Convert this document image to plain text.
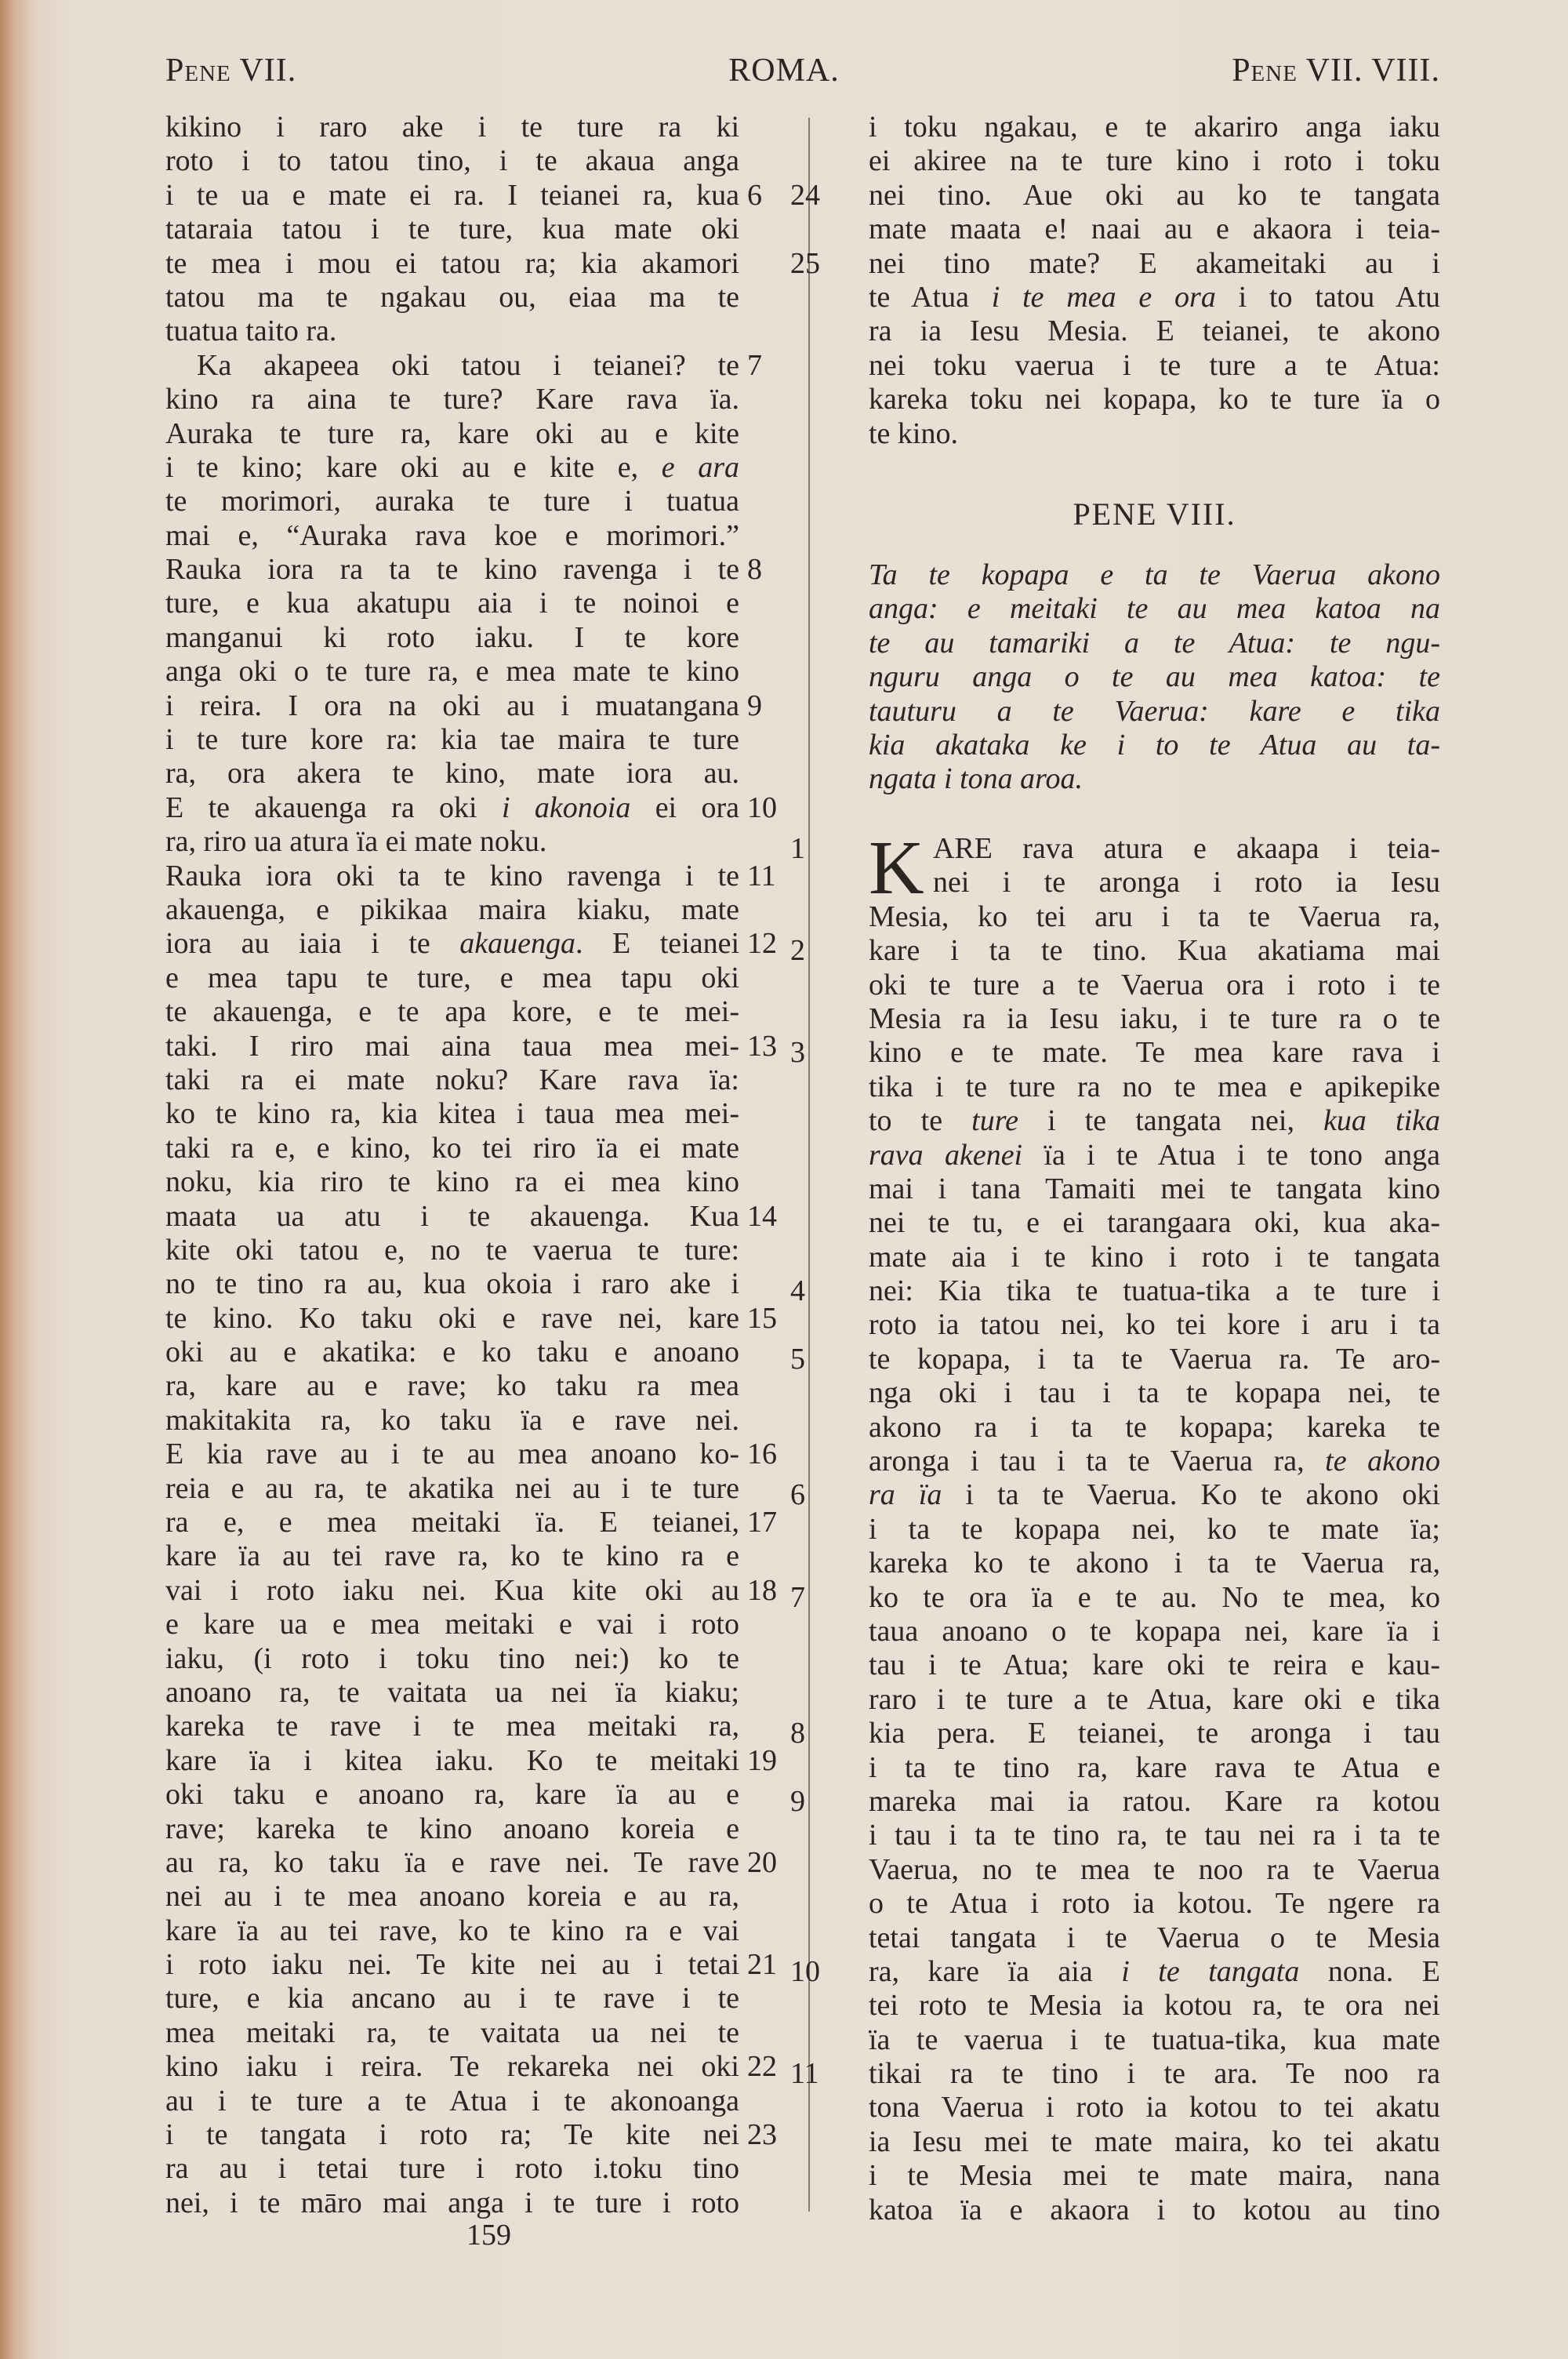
Pene VII.	ROMA.	Pene VII. VIII.
kikino i raro ake i te ture ra ki
roto i to tatou tino, i te akaua anga
i te ua e mate ei ra. I teianei ra, kua 6
tataraia tatou i te ture, kua mate oki
te mea i mou ei tatou ra; kia akamori
tatou ma te ngakau ou, eiaa ma te
tuatua taito ra.
Ka akapeea oki tatou i teianei? te 7
kino ra aina te ture? Kare rava ïa.
Auraka te ture ra, kare oki au e kite
i te kino; kare oki au e kite e, e ara
te morimori, auraka te ture i tuatua
mai e, “Auraka rava koe e morimori.”
Rauka iora ra ta te kino ravenga i te 8
ture, e kua akatupu aia i te noinoi e
manganui ki roto iaku. I te kore
anga oki o te ture ra, e mea mate te kino
i reira. I ora na oki au i muatangana 9
i te ture kore ra: kia tae maira te ture
ra, ora akera te kino, mate iora au.
E te akauenga ra oki i akonoia ei ora 10
ra, riro ua atura ïa ei mate noku.
Rauka iora oki ta te kino ravenga i te 11
akauenga, e pikikaa maira kiaku, mate
iora au iaia i te akauenga. E teianei 12
e mea tapu te ture, e mea tapu oki
te akauenga, e te apa kore, e te mei-
taki. I riro mai aina taua mea mei- 13
taki ra ei mate noku? Kare rava ïa:
ko te kino ra, kia kitea i taua mea mei-
taki ra e, e kino, ko tei riro ïa ei mate
noku, kia riro te kino ra ei mea kino
maata ua atu i te akauenga. Kua 14
kite oki tatou e, no te vaerua te ture:
no te tino ra au, kua okoia i raro ake i
te kino. Ko taku oki e rave nei, kare 15
oki au e akatika: e ko taku e anoano
ra, kare au e rave; ko taku ra mea
makitakita ra, ko taku ïa e rave nei.
E kia rave au i te au mea anoano ko- 16
reia e au ra, te akatika nei au i te ture
ra e, e mea meitaki ïa. E teianei, 17
kare ïa au tei rave ra, ko te kino ra e
vai i roto iaku nei. Kua kite oki au 18
e kare ua e mea meitaki e vai i roto
iaku, (i roto i toku tino nei:) ko te
anoano ra, te vaitata ua nei ïa kiaku;
kareka te rave i te mea meitaki ra,
kare ïa i kitea iaku. Ko te meitaki 19
oki taku e anoano ra, kare ïa au e
rave; kareka te kino anoano koreia e
au ra, ko taku ïa e rave nei. Te rave 20
nei au i te mea anoano koreia e au ra,
kare ïa au tei rave, ko te kino ra e vai
i roto iaku nei. Te kite nei au i tetai 21
ture, e kia ancano au i te rave i te
mea meitaki ra, te vaitata ua nei te
kino iaku i reira. Te rekareka nei oki 22
au i te ture a te Atua i te akonoanga
i te tangata i roto ra; Te kite nei 23
ra au i tetai ture i roto i.toku tino
nei, i te māro mai anga i te ture i roto
i toku ngakau, e te akariro anga iaku
ei akiree na te ture kino i roto i toku
nei tino. Aue oki au ko te tangata
24
mate maata e! naai au e akaora i teia-
nei tino mate? E akameitaki au i
25
te Atua i te mea e ora i to tatou Atu
ra ia Iesu Mesia. E teianei, te akono
nei toku vaerua i te ture a te Atua:
kareka toku nei kopapa, ko te ture ïa o
te kino.
PENE VIII.
Ta te kopapa e ta te Vaerua akono
anga: e meitaki te au mea katoa na
te au tamariki a te Atua: te ngu-
nguru anga o te au mea katoa: te
tauturu a te Vaerua: kare e tika
kia akataka ke i to te Atua au ta-
ngata i tona aroa.
K ARE rava atura e akaapa i teia-
1
nei i te aronga i roto ia Iesu
Mesia, ko tei aru i ta te Vaerua ra,
kare i ta te tino. Kua akatiama mai
2
oki te ture a te Vaerua ora i roto i te
Mesia ra ia Iesu iaku, i te ture ra o te
kino e te mate. Te mea kare rava i
3
tika i te ture ra no te mea e apikepike
to te ture i te tangata nei, kua tika
rava akenei ïa i te Atua i te tono anga
mai i tana Tamaiti mei te tangata kino
nei te tu, e ei tarangaara oki, kua aka-
mate aia i te kino i roto i te tangata
nei: Kia tika te tuatua-tika a te ture i
4
roto ia tatou nei, ko tei kore i aru i ta
te kopapa, i ta te Vaerua ra. Te aro-
5
nga oki i tau i ta te kopapa nei, te
akono ra i ta te kopapa; kareka te
aronga i tau i ta te Vaerua ra, te akono
ra ïa i ta te Vaerua. Ko te akono oki
6
i ta te kopapa nei, ko te mate ïa;
kareka ko te akono i ta te Vaerua ra,
ko te ora ïa e te au. No te mea, ko
7
taua anoano o te kopapa nei, kare ïa i
tau i te Atua; kare oki te reira e kau-
raro i te ture a te Atua, kare oki e tika
kia pera. E teianei, te aronga i tau
8
i ta te tino ra, kare rava te Atua e
mareka mai ia ratou. Kare ra kotou
9
i tau i ta te tino ra, te tau nei ra i ta te
Vaerua, no te mea te noo ra te Vaerua
o te Atua i roto ia kotou. Te ngere ra
tetai tangata i te Vaerua o te Mesia
ra, kare ïa aia i te tangata nona. E
10
tei roto te Mesia ia kotou ra, te ora nei
ïa te vaerua i te tuatua-tika, kua mate
tikai ra te tino i te ara. Te noo ra
11
tona Vaerua i roto ia kotou to tei akatu
ia Iesu mei te mate maira, ko tei akatu
i te Mesia mei te mate maira, nana
katoa ïa e akaora i to kotou au tino
159
